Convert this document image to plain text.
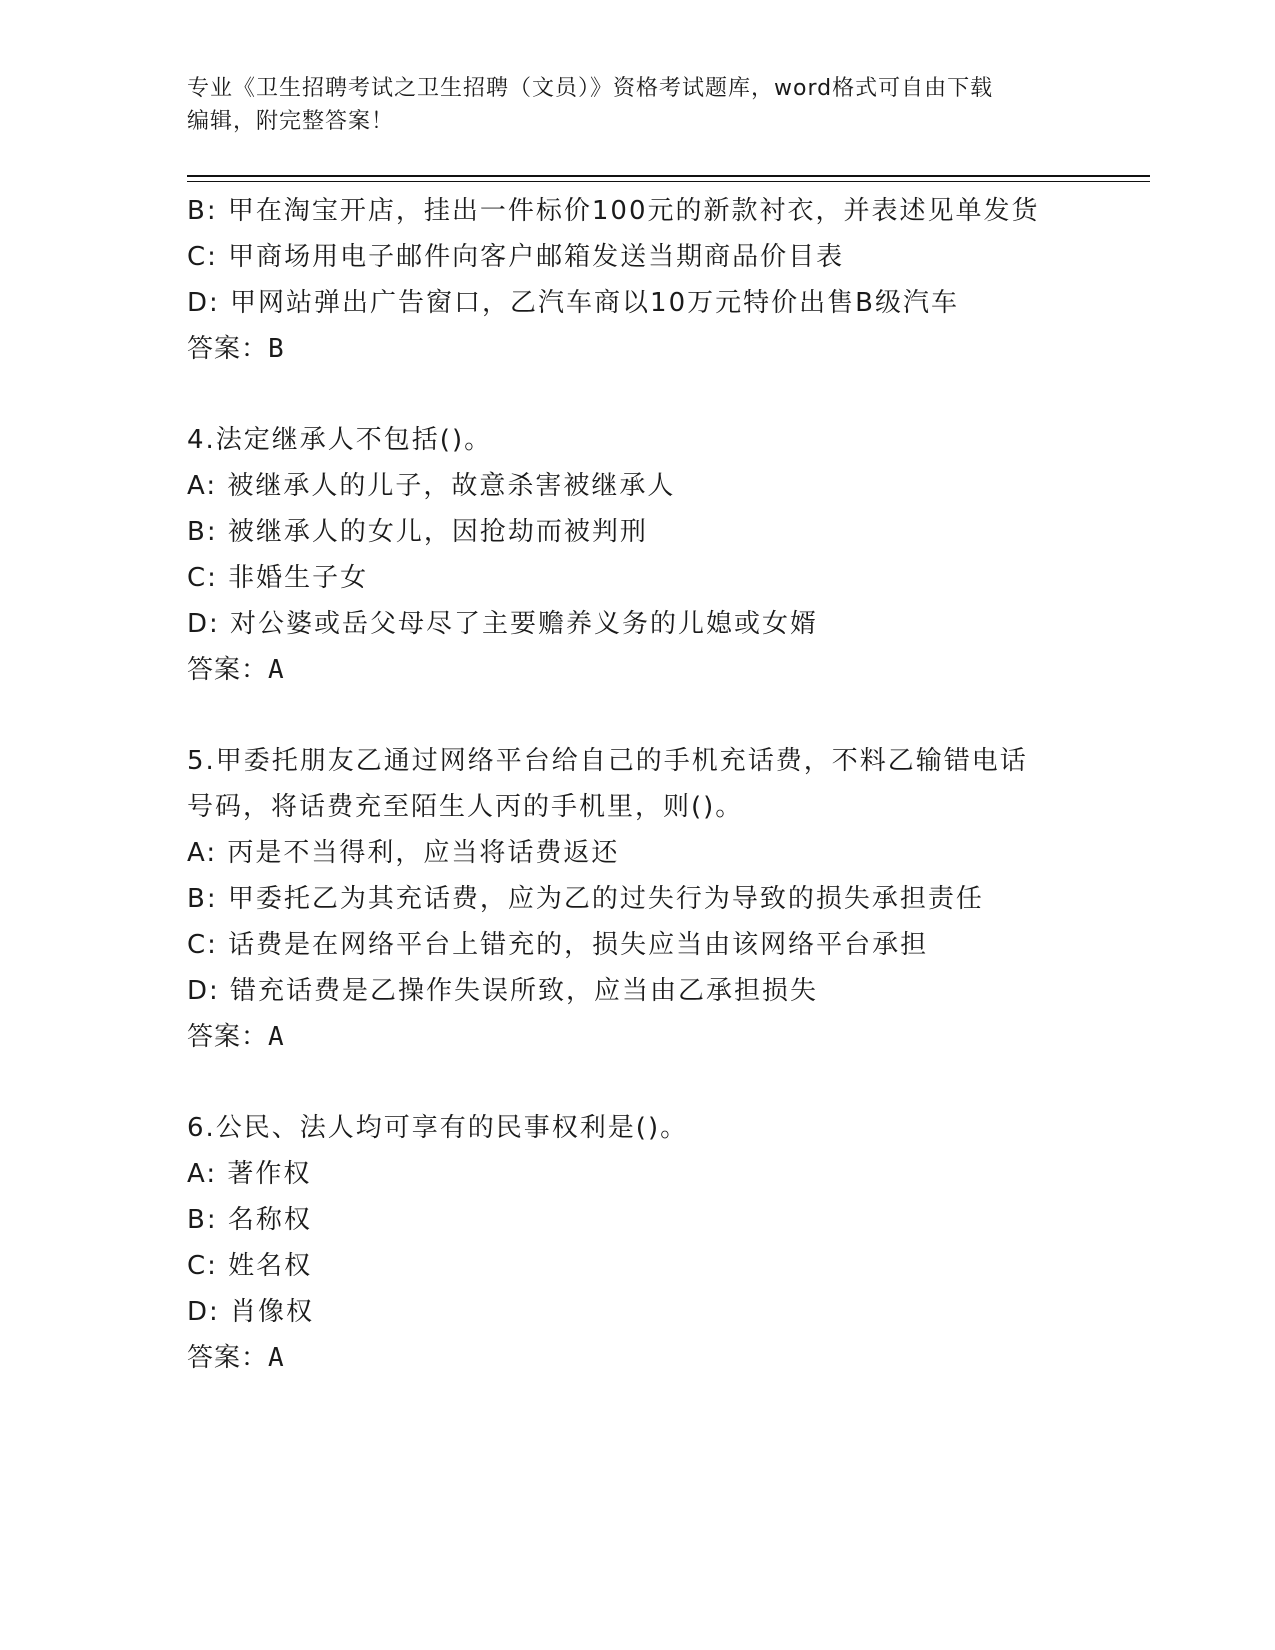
专业《卫生招聘考试之卫生招聘（文员）》资格考试题库，word格式可自由下载
编辑，附完整答案！
B: 甲在淘宝开店，挂出一件标价100元的新款衬衣，并表述见单发货
C: 甲商场用电子邮件向客户邮箱发送当期商品价目表
D: 甲网站弹出广告窗口，乙汽车商以10万元特价出售B级汽车
答案：B
4.法定继承人不包括()。
A: 被继承人的儿子，故意杀害被继承人
B: 被继承人的女儿，因抢劫而被判刑
C: 非婚生子女
D: 对公婆或岳父母尽了主要赡养义务的儿媳或女婿
答案：A
5.甲委托朋友乙通过网络平台给自己的手机充话费，不料乙输错电话
号码，将话费充至陌生人丙的手机里，则()。
A: 丙是不当得利，应当将话费返还
B: 甲委托乙为其充话费，应为乙的过失行为导致的损失承担责任
C: 话费是在网络平台上错充的，损失应当由该网络平台承担
D: 错充话费是乙操作失误所致，应当由乙承担损失
答案：A
6.公民、法人均可享有的民事权利是()。
A: 著作权
B: 名称权
C: 姓名权
D: 肖像权
答案：A
